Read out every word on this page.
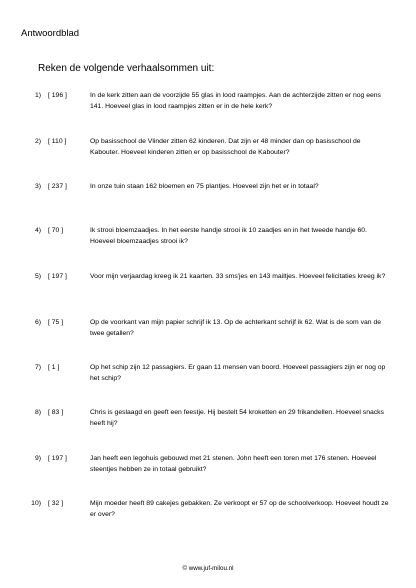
Antwoordblad
Reken de volgende verhaalsommen uit:
1) [ 196 ]	In de kerk zitten aan de voorzijde 55 glas in lood raampjes. Aan de achterzijde zitten er nog eens 141. Hoeveel glas in lood raampjes zitten er in de hele kerk?
2) [ 110 ]	Op basisschool de Vlinder zitten 62 kinderen. Dat zijn er 48 minder dan op basisschool de Kabouter. Hoeveel kinderen zitten er op basisschool de Kabouter?
3) [ 237 ]	In onze tuin staan 162 bloemen en 75 plantjes. Hoeveel zijn het er in totaal?
4) [ 70 ]	Ik strooi bloemzaadjes. In het eerste handje strooi ik 10 zaadjes en in het tweede handje 60. Hoeveel bloemzaadjes strooi ik?
5) [ 197 ]	Voor mijn verjaardag kreeg ik 21 kaarten. 33 sms'jes en 143 mailtjes. Hoeveel felicitaties kreeg ik?
6) [ 75 ]	Op de voorkant van mijn papier schrijf ik 13. Op de achterkant schrijf ik 62. Wat is de som van de twee getallen?
7) [ 1 ]	Op het schip zijn 12 passagiers. Er gaan 11 mensen van boord. Hoeveel passagiers zijn er nog op het schip?
8) [ 83 ]	Chris is geslaagd en geeft een feestje. Hij bestelt 54 kroketten en 29 frikandellen. Hoeveel snacks heeft hij?
9) [ 197 ]	Jan heeft een legohuis gebouwd met 21 stenen. John heeft een toren met 176 stenen. Hoeveel steentjes hebben ze in totaal gebruikt?
10) [ 32 ]	Mijn moeder heeft 89 cakejes gebakken. Ze verkoopt er 57 op de schoolverkoop. Hoeveel houdt ze er over?
© www.juf-milou.nl
